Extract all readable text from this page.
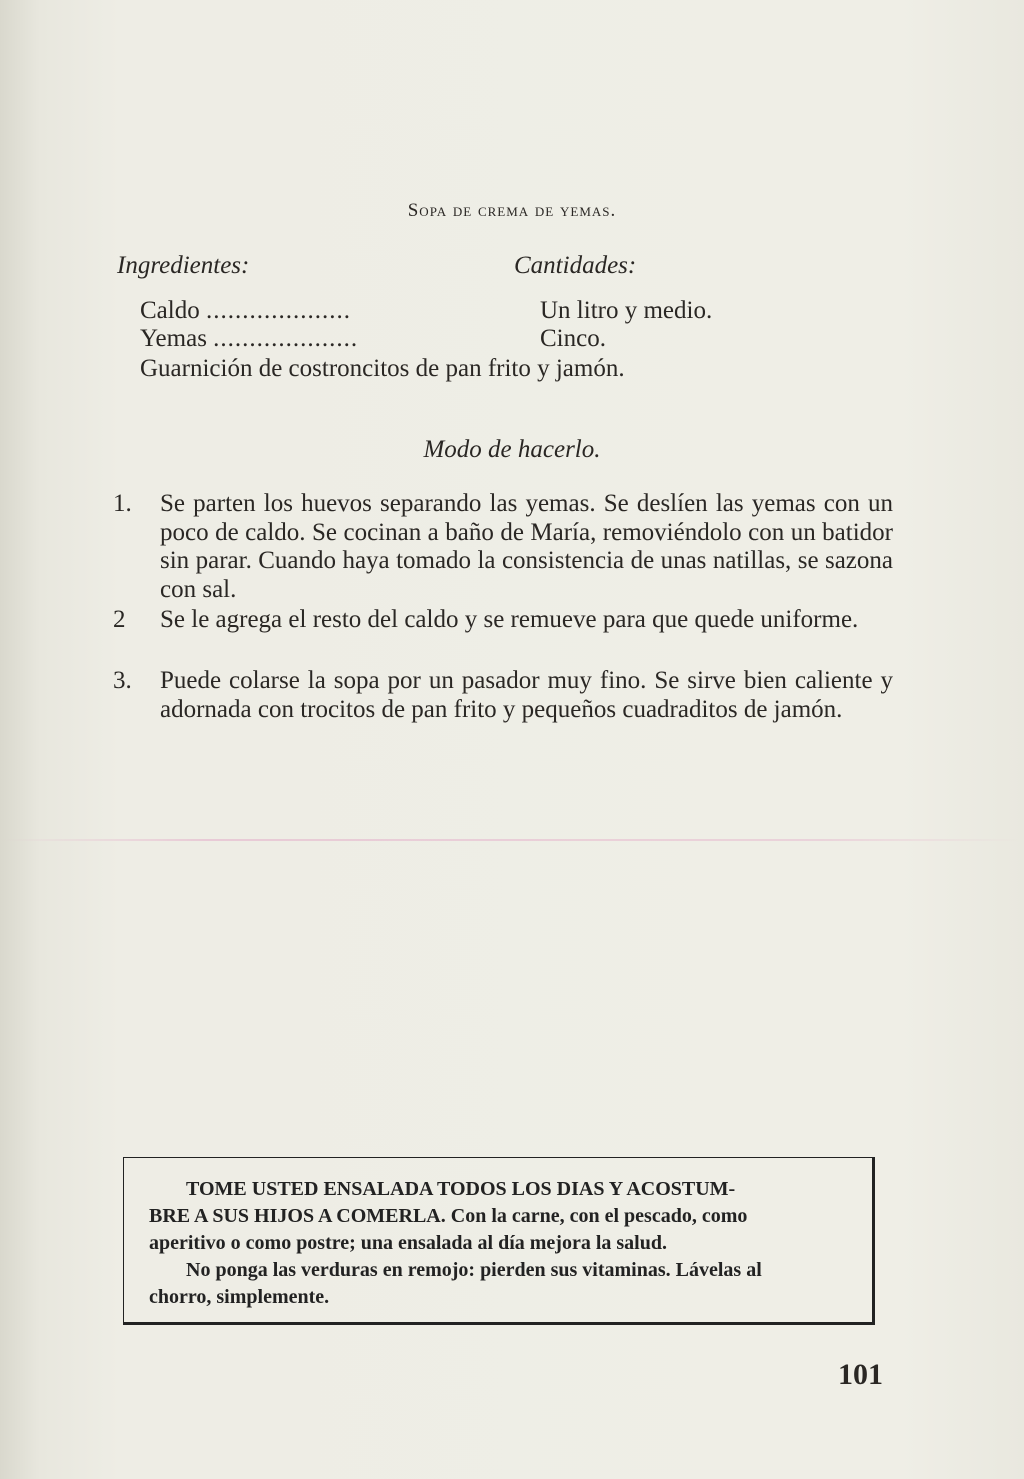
Sopa de crema de yemas.
Ingredientes:	Cantidades:
Caldo ....................	Un litro y medio.
Yemas ....................	Cinco.
Guarnición de costroncitos de pan frito y jamón.
Modo de hacerlo.
1.	Se parten los huevos separando las yemas. Se deslíen las yemas con un poco de caldo. Se cocinan a baño de María, removiéndolo con un batidor sin parar. Cuando haya tomado la consistencia de unas natillas, se sazona con sal.
2	Se le agrega el resto del caldo y se remueve para que quede uniforme.
3.	Puede colarse la sopa por un pasador muy fino. Se sirve bien caliente y adornada con trocitos de pan frito y pequeños cuadraditos de jamón.
TOME USTED ENSALADA TODOS LOS DIAS Y ACOSTUM-
BRE A SUS HIJOS A COMERLA. Con la carne, con el pescado, como
aperitivo o como postre; una ensalada al día mejora la salud.
No ponga las verduras en remojo: pierden sus vitaminas. Lávelas al
chorro, simplemente.
101
